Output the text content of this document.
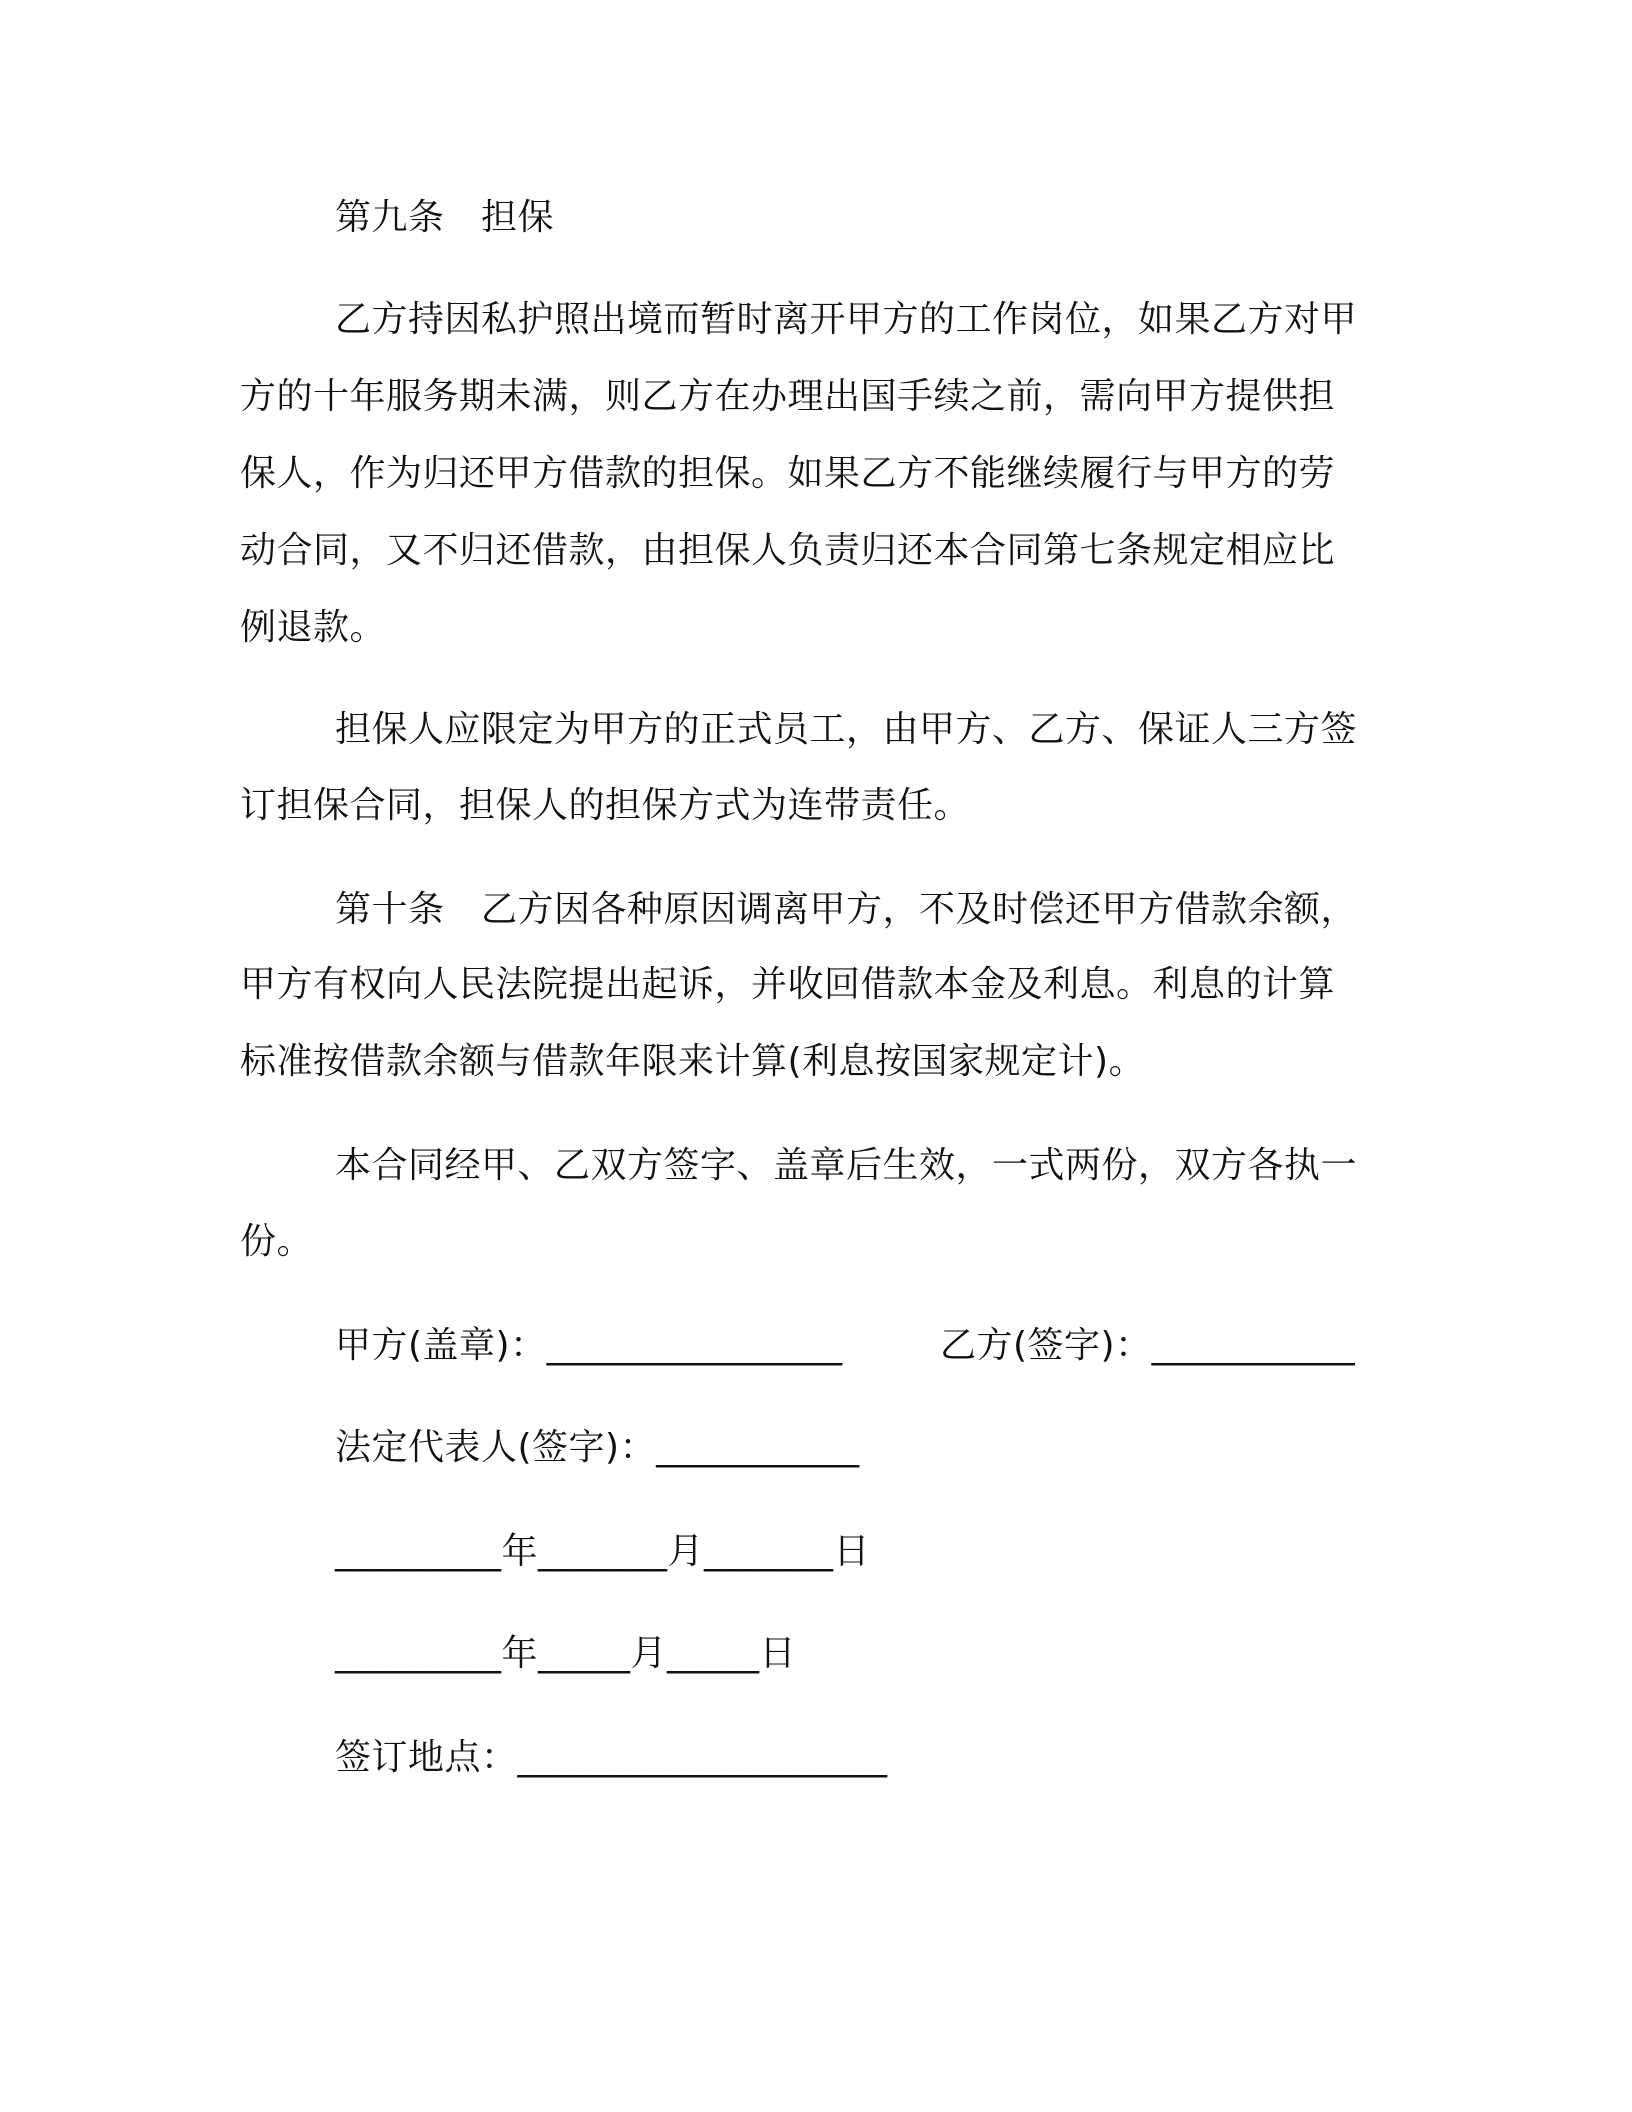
第九条　担保
乙方持因私护照出境而暂时离开甲方的工作岗位，如果乙方对甲
方的十年服务期未满，则乙方在办理出国手续之前，需向甲方提供担
保人，作为归还甲方借款的担保。如果乙方不能继续履行与甲方的劳
动合同，又不归还借款，由担保人负责归还本合同第七条规定相应比
例退款。
担保人应限定为甲方的正式员工，由甲方、乙方、保证人三方签
订担保合同，担保人的担保方式为连带责任。
第十条　乙方因各种原因调离甲方，不及时偿还甲方借款余额，
甲方有权向人民法院提出起诉，并收回借款本金及利息。利息的计算
标准按借款余额与借款年限来计算(利息按国家规定计)。
本合同经甲、乙双方签字、盖章后生效，一式两份，双方各执一
份。
甲方(盖章)：________________	乙方(签字)：___________
法定代表人(签字)：___________
_________年_______月_______日
_________年_____月_____日
签订地点：____________________
